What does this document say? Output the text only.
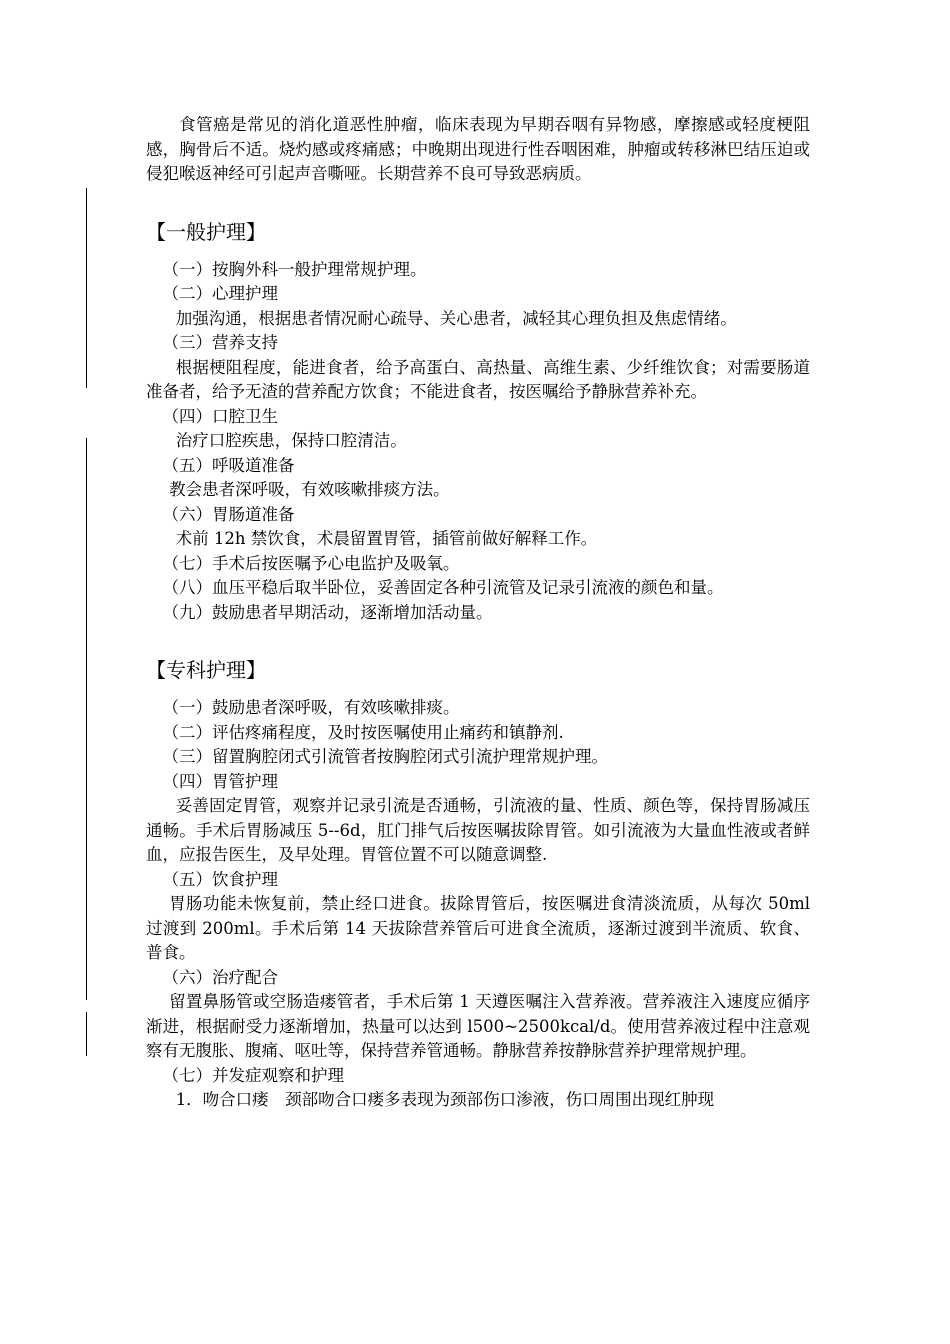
食管癌是常见的消化道恶性肿瘤，临床表现为早期吞咽有异物感，摩擦感或轻度梗阻感，胸骨后不适。烧灼感或疼痛感；中晚期出现进行性吞咽困难，肿瘤或转移淋巴结压迫或侵犯喉返神经可引起声音嘶哑。长期营养不良可导致恶病质。

【一般护理】

（一）按胸外科一般护理常规护理。

（二）心理护理

加强沟通，根据患者情况耐心疏导、关心患者，减轻其心理负担及焦虑情绪。

（三）营养支持

根据梗阻程度，能进食者，给予高蛋白、高热量、高维生素、少纤维饮食；对需要肠道准备者，给予无渣的营养配方饮食；不能进食者，按医嘱给予静脉营养补充。

（四）口腔卫生

治疗口腔疾患，保持口腔清洁。

（五）呼吸道准备

教会患者深呼吸，有效咳嗽排痰方法。

（六）胃肠道准备

术前 12h 禁饮食，术晨留置胃管，插管前做好解释工作。

（七）手术后按医嘱予心电监护及吸氧。

（八）血压平稳后取半卧位，妥善固定各种引流管及记录引流液的颜色和量。

（九）鼓励患者早期活动，逐渐增加活动量。

【专科护理】

（一）鼓励患者深呼吸，有效咳嗽排痰。

（二）评估疼痛程度，及时按医嘱使用止痛药和镇静剂.

（三）留置胸腔闭式引流管者按胸腔闭式引流护理常规护理。

（四）胃管护理

妥善固定胃管，观察并记录引流是否通畅，引流液的量、性质、颜色等，保持胃肠减压通畅。手术后胃肠减压 5--6d，肛门排气后按医嘱拔除胃管。如引流液为大量血性液或者鲜血，应报告医生，及早处理。胃管位置不可以随意调整.

（五）饮食护理

胃肠功能未恢复前，禁止经口进食。拔除胃管后，按医嘱进食清淡流质，从每次 50ml 过渡到 200ml。手术后第 14 天拔除营养管后可进食全流质，逐渐过渡到半流质、软食、普食。

（六）治疗配合

留置鼻肠管或空肠造瘘管者，手术后第 1 天遵医嘱注入营养液。营养液注入速度应循序渐进，根据耐受力逐渐增加，热量可以达到 l500~2500kcal/d。使用营养液过程中注意观察有无腹胀、腹痛、呕吐等，保持营养管通畅。静脉营养按静脉营养护理常规护理。

（七）并发症观察和护理

1．吻合口瘘　颈部吻合口瘘多表现为颈部伤口渗液，伤口周围出现红肿现
